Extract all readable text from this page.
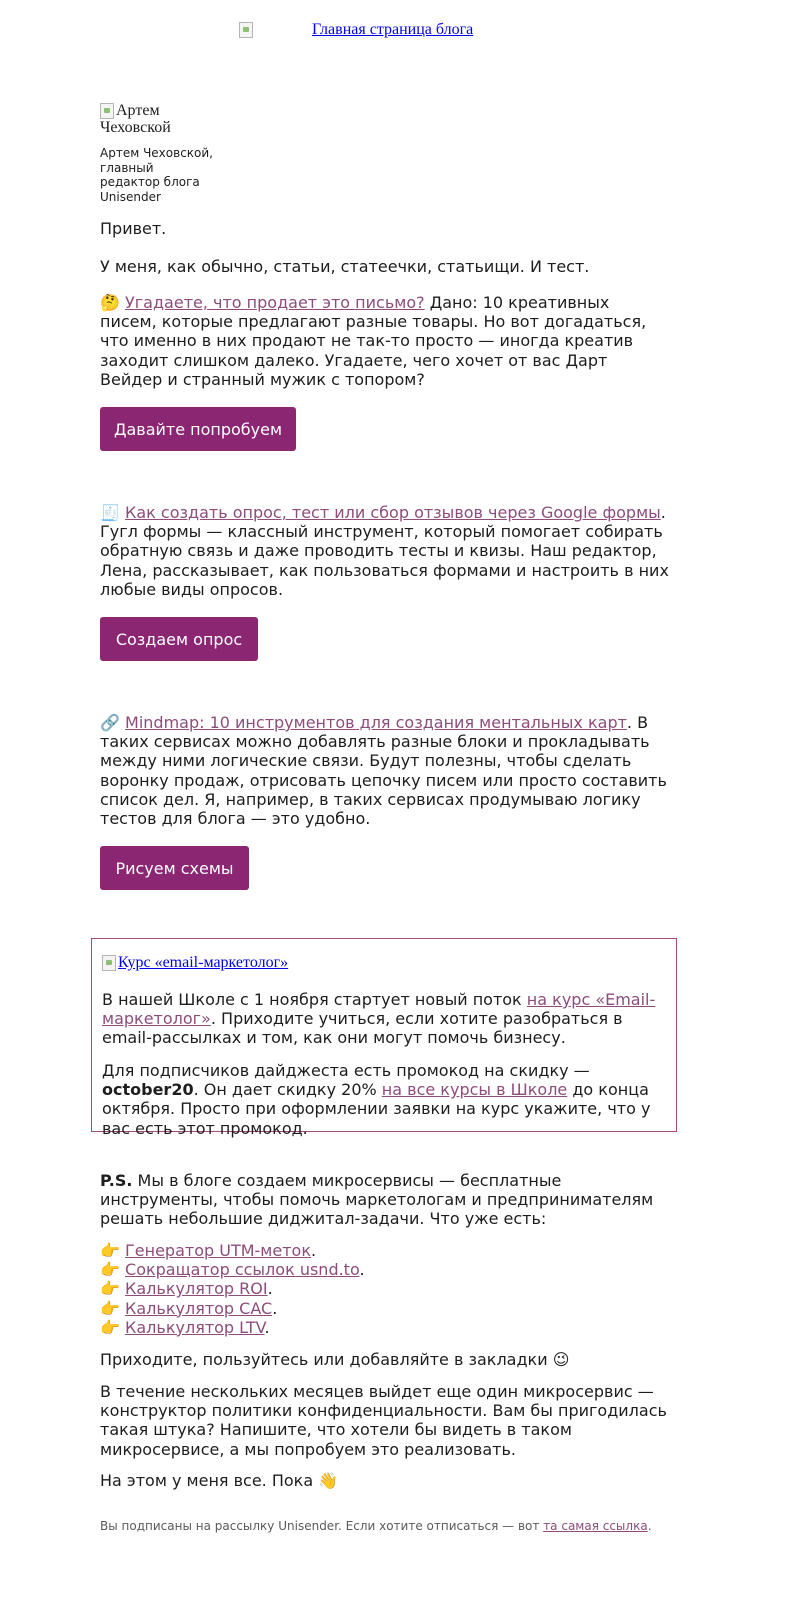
Главная страница блога
Артем Чеховской
Артем Чеховской, главный редактор блога Unisender
Привет.
У меня, как обычно, статьи, статеечки, статьищи. И тест.
🤔 Угадаете, что продает это письмо? Дано: 10 креативных писем, которые предлагают разные товары. Но вот догадаться, что именно в них продают не так-то просто — иногда креатив заходит слишком далеко. Угадаете, чего хочет от вас Дарт Вейдер и странный мужик с топором?
Давайте попробуем
🧾 Как создать опрос, тест или сбор отзывов через Google формы. Гугл формы — классный инструмент, который помогает собирать обратную связь и даже проводить тесты и квизы. Наш редактор, Лена, рассказывает, как пользоваться формами и настроить в них любые виды опросов.
Создаем опрос
🔗 Mindmap: 10 инструментов для создания ментальных карт. В таких сервисах можно добавлять разные блоки и прокладывать между ними логические связи. Будут полезны, чтобы сделать воронку продаж, отрисовать цепочку писем или просто составить список дел. Я, например, в таких сервисах продумываю логику тестов для блога — это удобно.
Рисуем схемы
Курс «email-маркетолог»
В нашей Школе с 1 ноября стартует новый поток на курс «Email-маркетолог». Приходите учиться, если хотите разобраться в email-рассылках и том, как они могут помочь бизнесу.
Для подписчиков дайджеста есть промокод на скидку — october20. Он дает скидку 20% на все курсы в Школе до конца октября. Просто при оформлении заявки на курс укажите, что у вас есть этот промокод.
P.S. Мы в блоге создаем микросервисы — бесплатные инструменты, чтобы помочь маркетологам и предпринимателям решать небольшие диджитал-задачи. Что уже есть:
👉 Генератор UTM-меток.
👉 Сокращатор ссылок usnd.to.
👉 Калькулятор ROI.
👉 Калькулятор CAC.
👉 Калькулятор LTV.
Приходите, пользуйтесь или добавляйте в закладки 😉
В течение нескольких месяцев выйдет еще один микросервис — конструктор политики конфиденциальности. Вам бы пригодилась такая штука? Напишите, что хотели бы видеть в таком микросервисе, а мы попробуем это реализовать.
На этом у меня все. Пока 👋
Вы подписаны на рассылку Unisender. Если хотите отписаться — вот та самая ссылка.
